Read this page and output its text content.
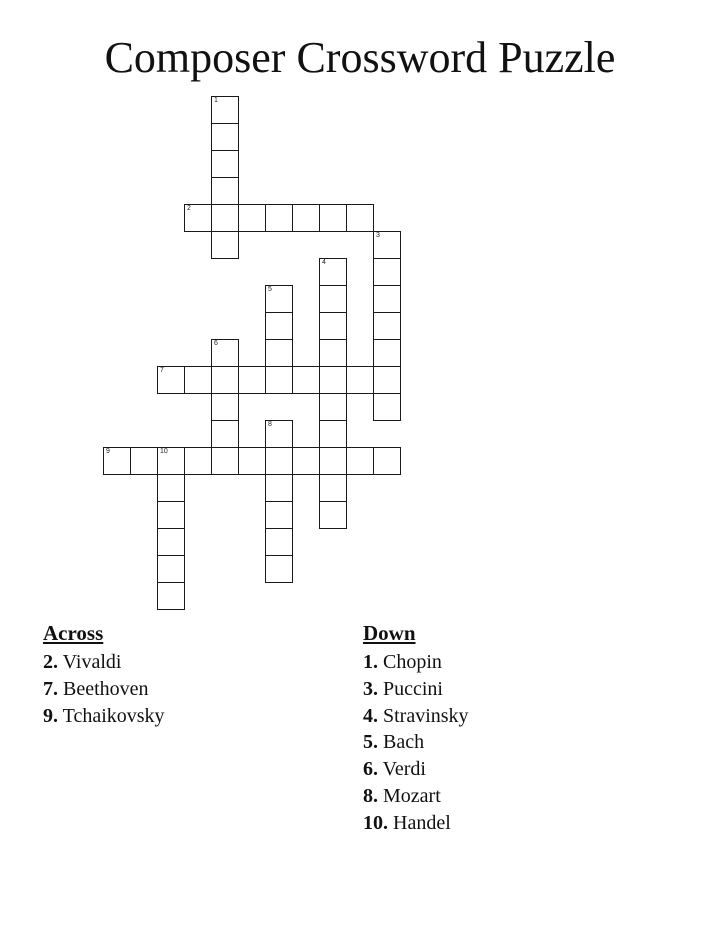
Composer Crossword Puzzle
1
2
3
4
5
6
7
8
9	10
Across
2. Vivaldi
7. Beethoven
9. Tchaikovsky
Down
1. Chopin
3. Puccini
4. Stravinsky
5. Bach
6. Verdi
8. Mozart
10. Handel
